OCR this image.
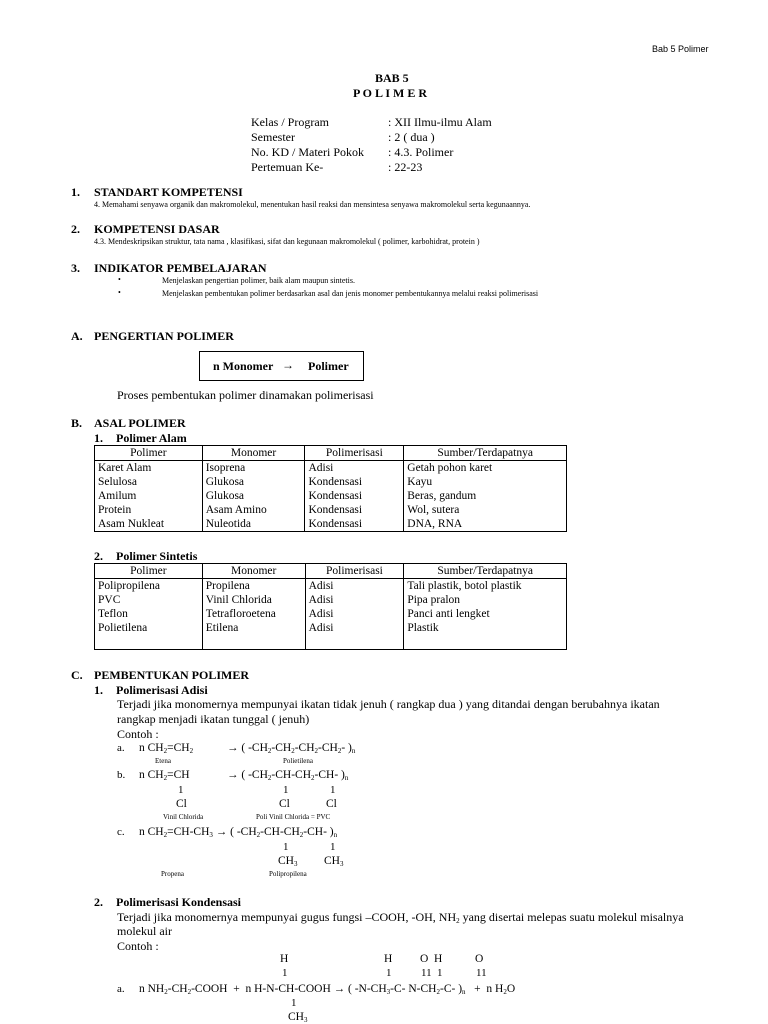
Bab 5 Polimer
BAB 5
P O L I M E R
Kelas / Program	: XII Ilmu-ilmu Alam
Semester	: 2 ( dua )
No. KD / Materi Pokok : 4.3. Polimer
Pertemuan Ke-	: 22-23
1. STANDART KOMPETENSI
4. Memahami senyawa organik dan makromolekul, menentukan hasil reaksi dan mensintesa senyawa makromolekul serta kegunaannya.
2. KOMPETENSI DASAR
4.3. Mendeskripsikan struktur, tata nama , klasifikasi, sifat dan kegunaan makromolekul ( polimer, karbohidrat, protein )
3. INDIKATOR PEMBELAJARAN
•	Menjelaskan pengertian polimer, baik alam maupun sintetis.
•	Menjelaskan pembentukan polimer berdasarkan asal dan jenis monomer pembentukannya melalui reaksi polimerisasi
A. PENGERTIAN POLIMER
n Monomer → Polimer
Proses pembentukan polimer dinamakan polimerisasi
B. ASAL POLIMER
1. Polimer Alam
Polimer	Monomer	Polimerisasi	Sumber/Terdapatnya
Karet Alam	Isoprena	Adisi	Getah pohon karet
Selulosa	Glukosa	Kondensasi	Kayu
Amilum	Glukosa	Kondensasi	Beras, gandum
Protein	Asam Amino	Kondensasi	Wol, sutera
Asam Nukleat	Nuleotida	Kondensasi	DNA, RNA
2. Polimer Sintetis
Polimer	Monomer	Polimerisasi	Sumber/Terdapatnya
Polipropilena	Propilena	Adisi	Tali plastik, botol plastik
PVC	Vinil Chlorida	Adisi	Pipa pralon
Teflon	Tetrafloroetena	Adisi	Panci anti lengket
Polietilena	Etilena	Adisi	Plastik

C. PEMBENTUKAN POLIMER
1. Polimerisasi Adisi
Terjadi jika monomernya mempunyai ikatan tidak jenuh ( rangkap dua ) yang ditandai dengan berubahnya ikatan
rangkap menjadi ikatan tunggal ( jenuh)
Contoh :
a. n $CH_2=CH_2$	→ ( $-CH_2-CH_2-CH_2-CH_2-$ )$_n$
Etena	Polietilena
b. n $CH_2=CH$	→ ( $-CH_2-CH-CH_2-CH-$ )$_n$
1	1	1
Cl	Cl	Cl
Vinil Chlorida	Poli Vinil Chlorida = PVC
c. n $CH_2=CH-CH_3$ → ( $-CH_2-CH-CH_2-CH-$ )$_n$
1	1
$CH_3$ $CH_3$
Propena	Polipropilena
2. Polimerisasi Kondensasi
Terjadi jika monomernya mempunyai gugus fungsi –COOH, -OH, $NH_2$ yang disertai melepas suatu molekul misalnya
molekul air
Contoh :
H	H O H	O
1	1	11 1	11
a. n $NH_2-CH_2$-COOH  +  n H-N-CH-COOH → ( $-N-CH_3-C-$ $N-CH_2-C-$ )$_n + n$ $H_2O$
1
$CH_3$
